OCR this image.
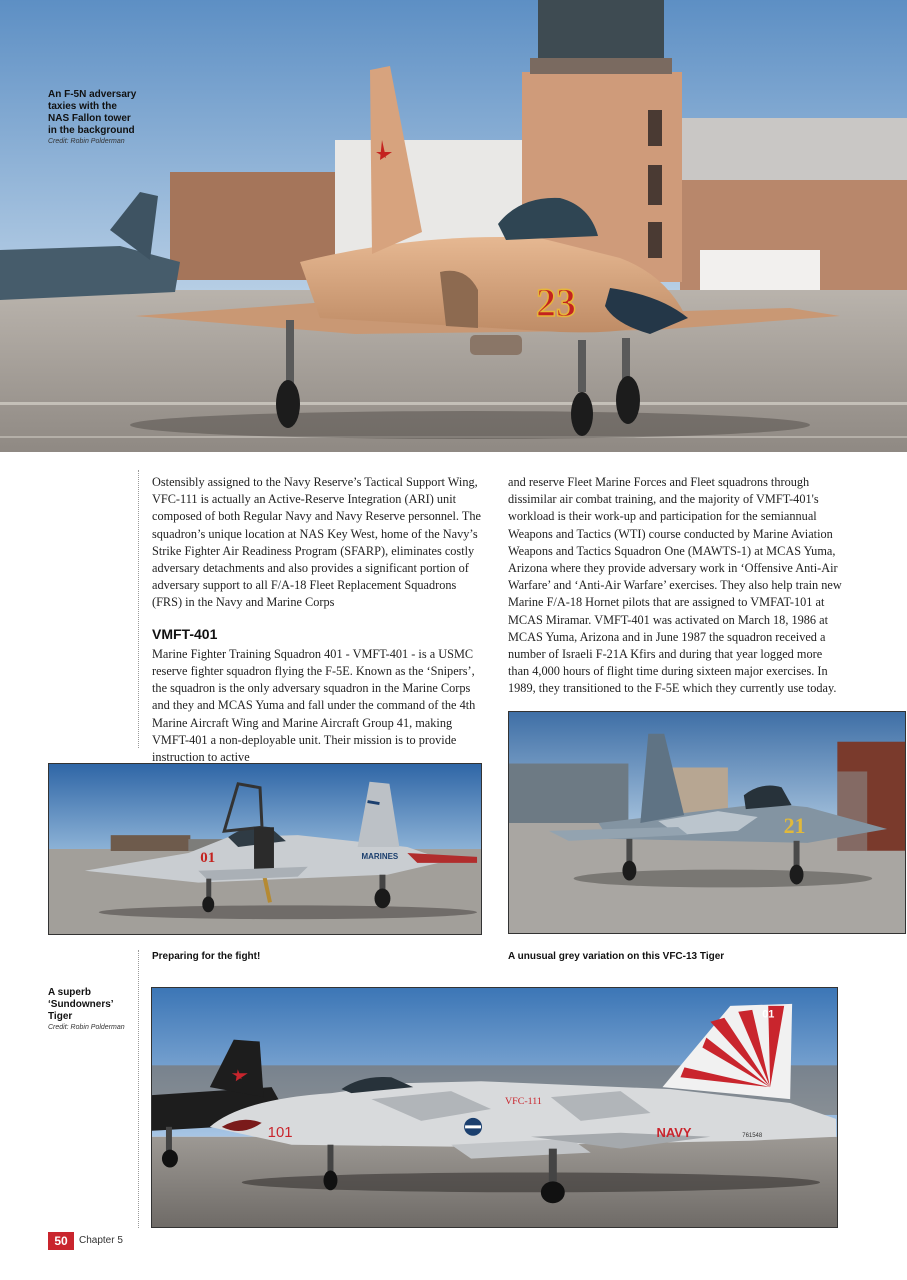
23
An F-5N adversary taxies with the NAS Fallon tower in the background
Credit: Robin Polderman

Ostensibly assigned to the Navy Reserve’s Tactical Support Wing, VFC-111 is actually an Active-Reserve Integration (ARI) unit composed of both Regular Navy and Navy Reserve personnel. The squadron’s unique location at NAS Key West, home of the Navy’s Strike Fighter Air Readiness Program (SFARP), eliminates costly adversary detachments and also provides a significant portion of adversary support to all F/A-18 Fleet Replacement Squadrons (FRS) in the Navy and Marine Corps

VMFT-401

Marine Fighter Training Squadron 401 - VMFT-401 - is a USMC reserve fighter squadron flying the F-5E. Known as the ‘Snipers’, the squadron is the only adversary squadron in the Marine Corps and they and MCAS Yuma and fall under the command of the 4th Marine Aircraft Wing and Marine Aircraft Group 41, making VMFT-401 a non-deployable unit. Their mission is to provide instruction to active

and reserve Fleet Marine Forces and Fleet squadrons through dissimilar air combat training, and the majority of VMFT-401's workload is their work-up and participation for the semiannual Weapons and Tactics (WTI) course conducted by Marine Aviation Weapons and Tactics Squadron One (MAWTS-1) at MCAS Yuma, Arizona where they provide adversary work in ‘Offensive Anti-Air Warfare’ and ‘Anti-Air Warfare’ exercises. They also help train new Marine F/A-18 Hornet pilots that are assigned to VMFAT-101 at MCAS Miramar. VMFT-401 was activated on March 18, 1986 at MCAS Yuma, Arizona and in June 1987 the squadron received a number of Israeli F-21A Kfirs and during that year logged more than 4,000 hours of flight time during sixteen major exercises. In 1989, they transitioned to the F-5E which they currently use today.

21
01	MARINES
Preparing for the fight!	A unusual grey variation on this VFC-13 Tiger
A superb ‘Sundowners’ Tiger
Credit: Robin Polderman
101
VFC-111
NAVY
01
761548
50	Chapter 5
